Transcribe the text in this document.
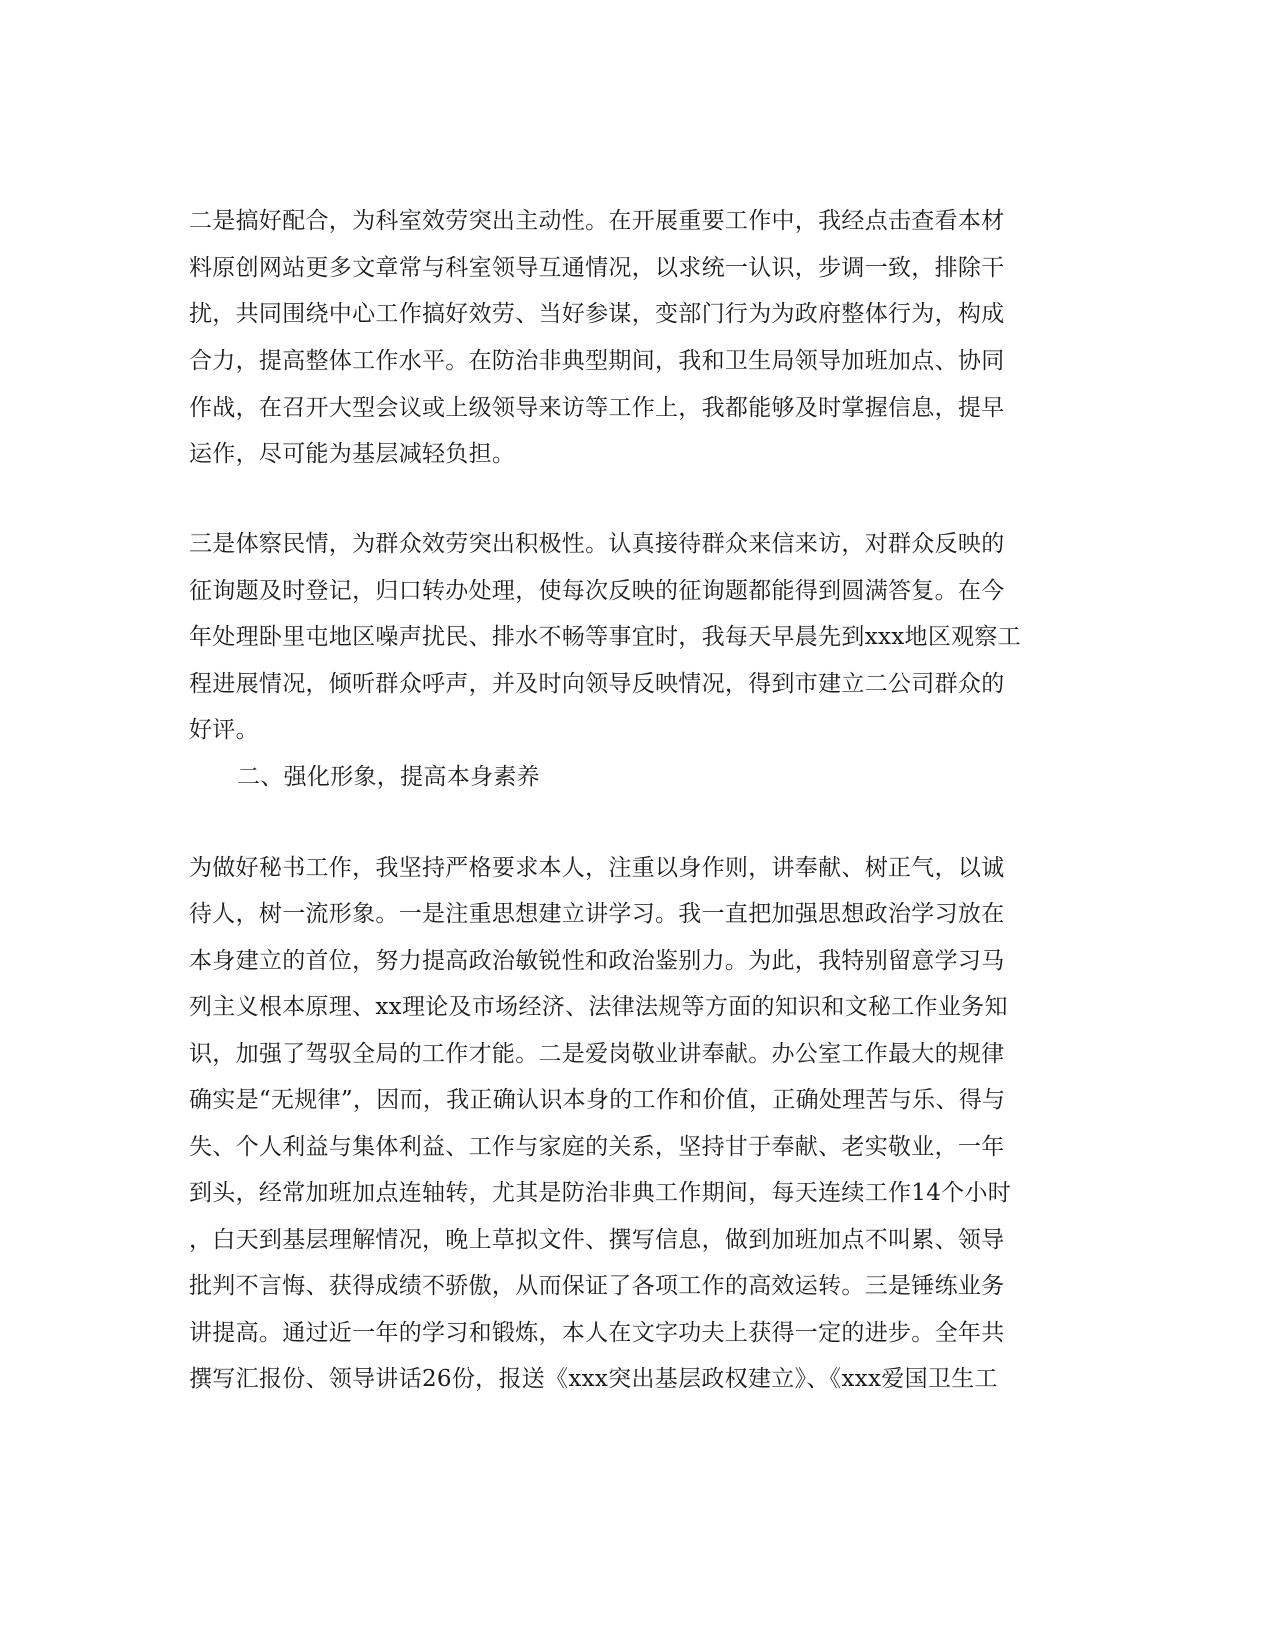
二是搞好配合，为科室效劳突出主动性。在开展重要工作中，我经点击查看本材
料原创网站更多文章常与科室领导互通情况，以求统一认识，步调一致，排除干
扰，共同围绕中心工作搞好效劳、当好参谋，变部门行为为政府整体行为，构成
合力，提高整体工作水平。在防治非典型期间，我和卫生局领导加班加点、协同
作战，在召开大型会议或上级领导来访等工作上，我都能够及时掌握信息，提早
运作，尽可能为基层减轻负担。
三是体察民情，为群众效劳突出积极性。认真接待群众来信来访，对群众反映的
征询题及时登记，归口转办处理，使每次反映的征询题都能得到圆满答复。在今
年处理卧里屯地区噪声扰民、排水不畅等事宜时，我每天早晨先到xxx地区观察工
程进展情况，倾听群众呼声，并及时向领导反映情况，得到市建立二公司群众的
好评。
二、强化形象，提高本身素养
为做好秘书工作，我坚持严格要求本人，注重以身作则，讲奉献、树正气，以诚
待人，树一流形象。一是注重思想建立讲学习。我一直把加强思想政治学习放在
本身建立的首位，努力提高政治敏锐性和政治鉴别力。为此，我特别留意学习马
列主义根本原理、xx理论及市场经济、法律法规等方面的知识和文秘工作业务知
识，加强了驾驭全局的工作才能。二是爱岗敬业讲奉献。办公室工作最大的规律
确实是“无规律”，因而，我正确认识本身的工作和价值，正确处理苦与乐、得与
失、个人利益与集体利益、工作与家庭的关系，坚持甘于奉献、老实敬业，一年
到头，经常加班加点连轴转，尤其是防治非典工作期间，每天连续工作14个小时
，白天到基层理解情况，晚上草拟文件、撰写信息，做到加班加点不叫累、领导
批判不言悔、获得成绩不骄傲，从而保证了各项工作的高效运转。三是锤练业务
讲提高。通过近一年的学习和锻炼，本人在文字功夫上获得一定的进步。全年共
撰写汇报份、领导讲话26份，报送《xxx突出基层政权建立》、《xxx爱国卫生工
